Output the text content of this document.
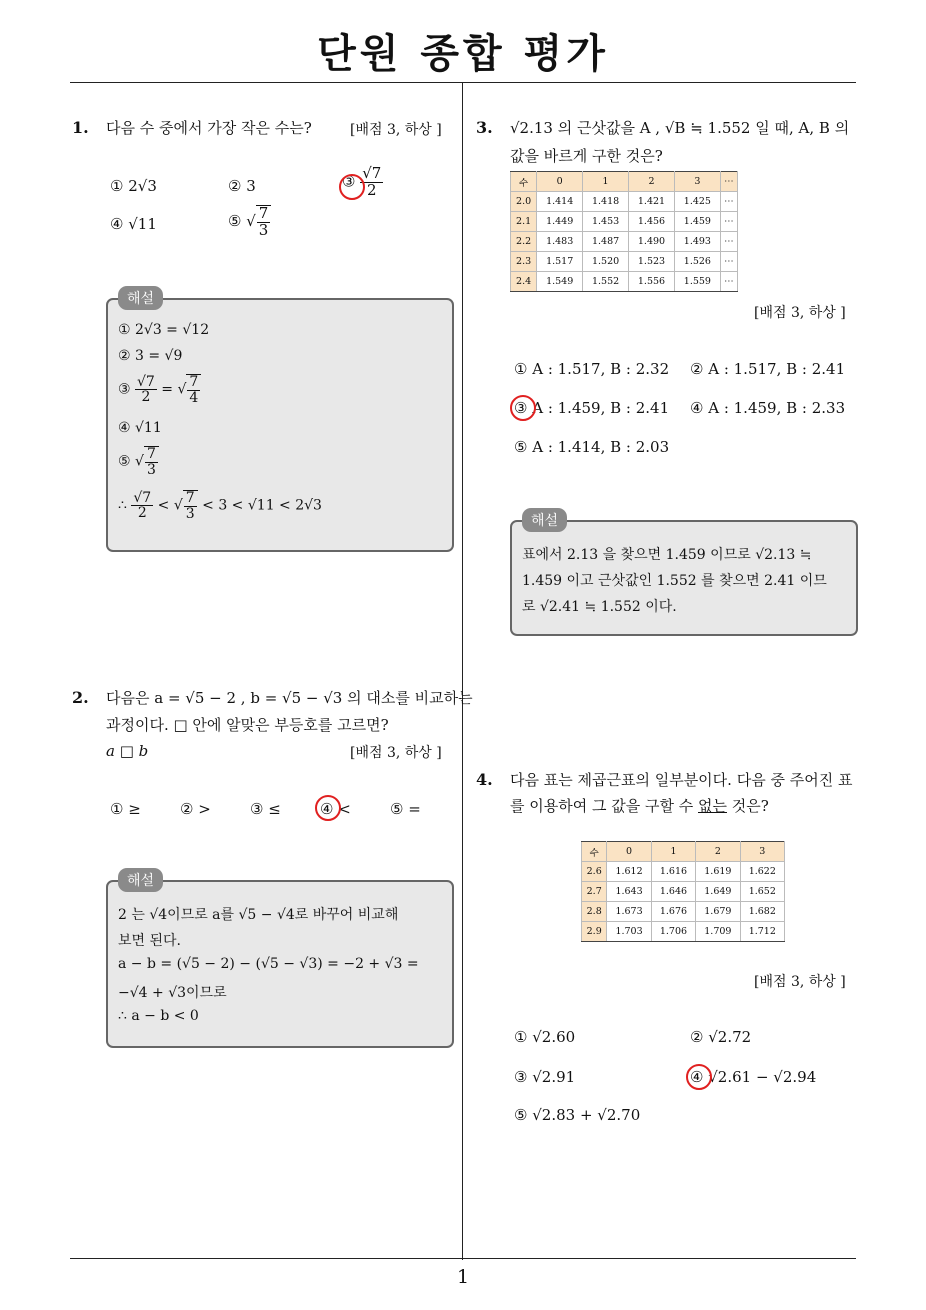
단원 종합 평가
1
1. 다음 수 중에서 가장 작은 수는?	[배점 3, 하상 ]
① 2√3	② 3	③ $\frac{√7}{2}$
④ √11	⑤ √ $\frac{7}{3}$
① 2√3 = √12
② 3 = √9
③ $\frac{√7}{2}$ = √ $\frac{7}{4}$
④ √11
⑤ √ $\frac{7}{3}$
∴ $\frac{√7}{2}$ < √ $\frac{7}{3} < 3 < √11 < 2√3$
해설
2. 다음은 a = √5 − 2 , b = √5 − √3 의 대소를 비교하는
과정이다. □ 안에 알맞은 부등호를 고르면?
a □ b	[배점 3, 하상 ]
① ≥	② >	③ ≤	④ <	⑤ =
2 는 √4이므로 a를 √5 − √4로 바꾸어 비교해
보면 된다.
a − b = (√5 − 2) − (√5 − √3) = −2 + √3 =
−√4 + √3이므로
∴ a − b < 0
해설
3. √2.13 의 근삿값을 A , √B ≒ 1.552 일 때, A, B 의
값을 바르게 구한 것은?
수	0	1	2	3	⋯
2.0	1.414	1.418	1.421	1.425	⋯
2.1	1.449	1.453	1.456	1.459	⋯
2.2	1.483	1.487	1.490	1.493	⋯
2.3	1.517	1.520	1.523	1.526	⋯
2.4	1.549	1.552	1.556	1.559	⋯
[배점 3, 하상 ]
① A : 1.517, B : 2.32 ② A : 1.517, B : 2.41
③ A : 1.459, B : 2.41 ④ A : 1.459, B : 2.33
⑤ A : 1.414, B : 2.03
표에서 2.13 을 찾으면 1.459 이므로 √2.13 ≒
1.459 이고 근삿값인 1.552 를 찾으면 2.41 이므
로 √2.41 ≒ 1.552 이다.
해설
4. 다음 표는 제곱근표의 일부분이다. 다음 중 주어진 표
를 이용하여 그 값을 구할 수 없는 것은?
수	0	1	2	3
2.6	1.612	1.616	1.619	1.622
2.7	1.643	1.646	1.649	1.652
2.8	1.673	1.676	1.679	1.682
2.9	1.703	1.706	1.709	1.712
[배점 3, 하상 ]
① √2.60	② √2.72
③ √2.91	④ √2.61 − √2.94
⑤ √2.83 + √2.70
